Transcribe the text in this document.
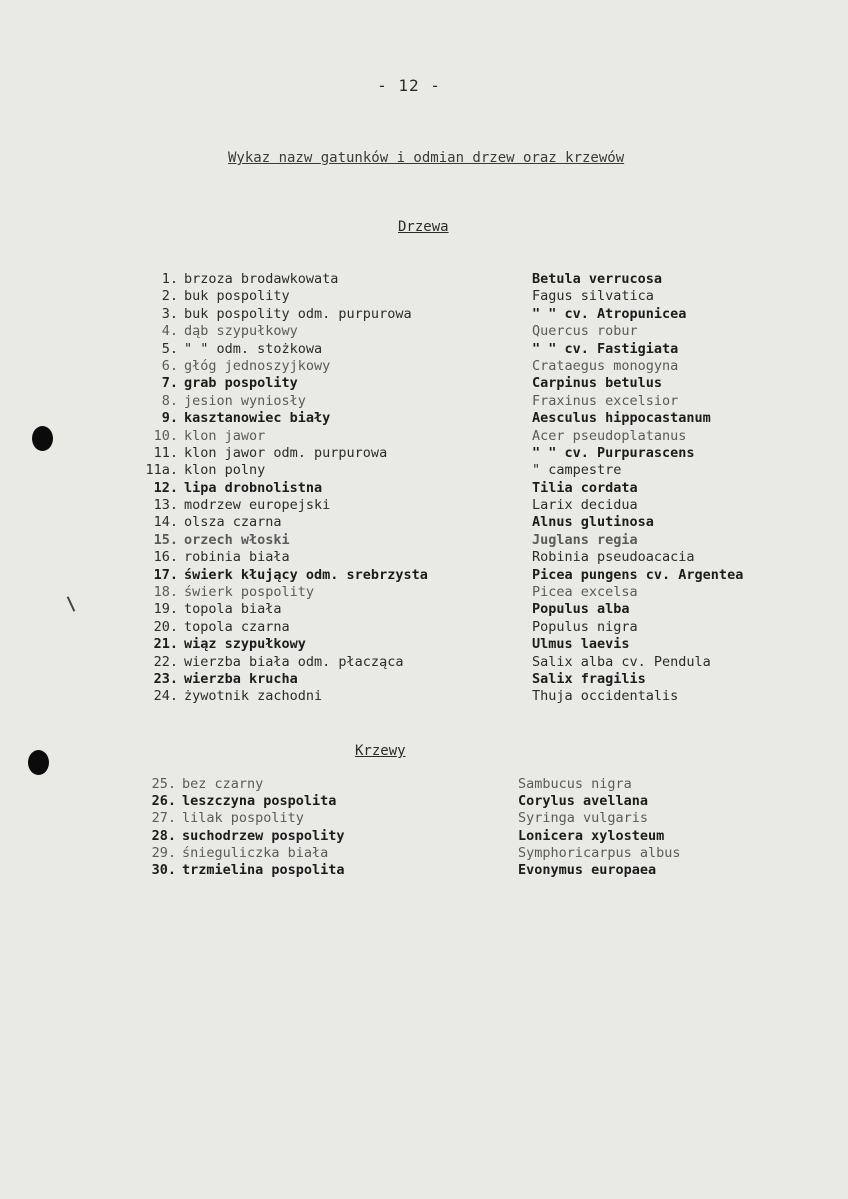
- 12 -
Wykaz nazw gatunków i odmian drzew oraz krzewów
Drzewa
1. brzoza brodawkowata	Betula verrucosa
2. buk pospolity	Fagus silvatica
3. buk pospolity odm. purpurowa	" " cv. Atropunicea
4. dąb szypułkowy	Quercus robur
5. " " odm. stożkowa	" " cv. Fastigiata
6. głóg jednoszyjkowy	Crataegus monogyna
7. grab pospolity	Carpinus betulus
8. jesion wyniosły	Fraxinus excelsior
9. kasztanowiec biały	Aesculus hippocastanum
10. klon jawor	Acer pseudoplatanus
11. klon jawor odm. purpurowa	" " cv. Purpurascens
11a. klon polny	" campestre
12. lipa drobnolistna	Tilia cordata
13. modrzew europejski	Larix decidua
14. olsza czarna	Alnus glutinosa
15. orzech włoski	Juglans regia
16. robinia biała	Robinia pseudoacacia
17. świerk kłujący odm. srebrzysta	Picea pungens cv. Argentea
18. świerk pospolity	Picea excelsa
19. topola biała	Populus alba
20. topola czarna	Populus nigra
21. wiąz szypułkowy	Ulmus laevis
22. wierzba biała odm. płacząca	Salix alba cv. Pendula
23. wierzba krucha	Salix fragilis
24. żywotnik zachodni	Thuja occidentalis
Krzewy
25. bez czarny	Sambucus nigra
26. leszczyna pospolita	Corylus avellana
27. lilak pospolity	Syringa vulgaris
28. suchodrzew pospolity	Lonicera xylosteum
29. śnieguliczka biała	Symphoricarpus albus
30. trzmielina pospolita	Evonymus europaea
